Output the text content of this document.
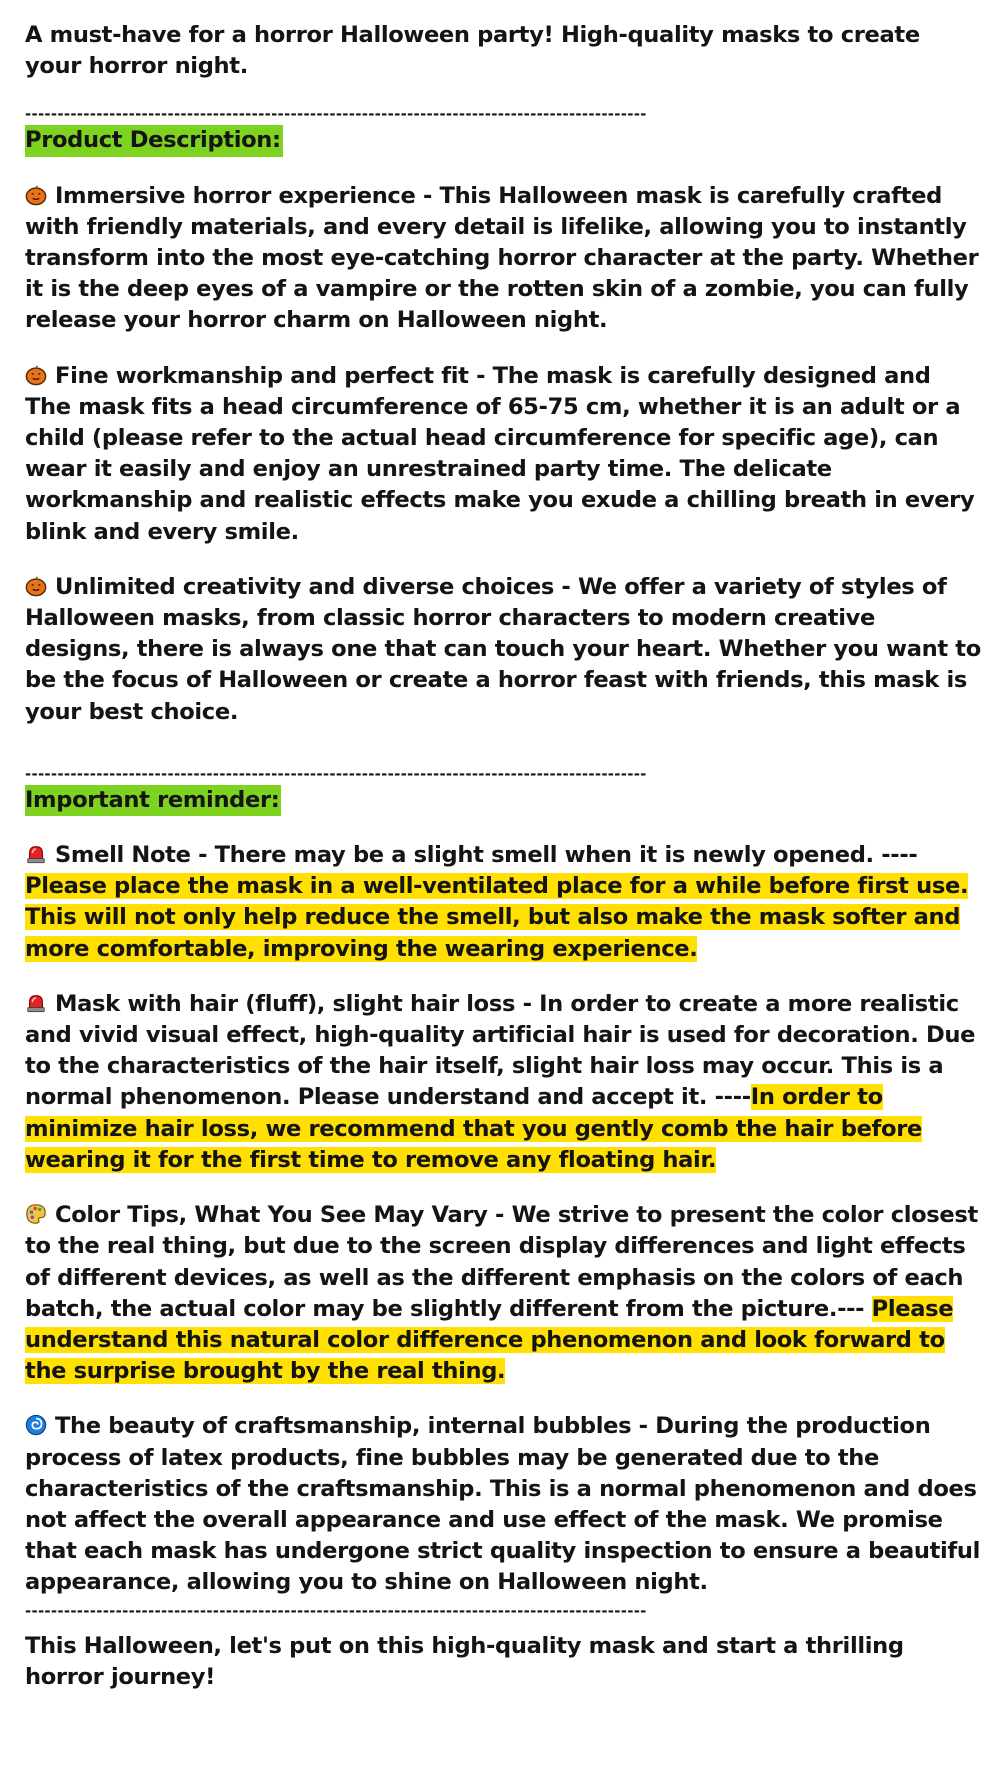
A must-have for a horror Halloween party! High-quality masks to create your horror night.

------------------------------------------------------------------------------------------------
Product Description:

Immersive horror experience - This Halloween mask is carefully crafted with friendly materials, and every detail is lifelike, allowing you to instantly transform into the most eye-catching horror character at the party. Whether it is the deep eyes of a vampire or the rotten skin of a zombie, you can fully release your horror charm on Halloween night.

Fine workmanship and perfect fit - The mask is carefully designed and The mask fits a head circumference of 65-75 cm, whether it is an adult or a child (please refer to the actual head circumference for specific age), can wear it easily and enjoy an unrestrained party time. The delicate workmanship and realistic effects make you exude a chilling breath in every blink and every smile.

Unlimited creativity and diverse choices - We offer a variety of styles of Halloween masks, from classic horror characters to modern creative designs, there is always one that can touch your heart. Whether you want to be the focus of Halloween or create a horror feast with friends, this mask is your best choice.

------------------------------------------------------------------------------------------------
Important reminder:

Smell Note - There may be a slight smell when it is newly opened. ----Please place the mask in a well-ventilated place for a while before first use. This will not only help reduce the smell, but also make the mask softer and more comfortable, improving the wearing experience.

Mask with hair (fluff), slight hair loss - In order to create a more realistic and vivid visual effect, high-quality artificial hair is used for decoration. Due to the characteristics of the hair itself, slight hair loss may occur. This is a normal phenomenon. Please understand and accept it. ----In order to minimize hair loss, we recommend that you gently comb the hair before wearing it for the first time to remove any floating hair.

Color Tips, What You See May Vary - We strive to present the color closest to the real thing, but due to the screen display differences and light effects of different devices, as well as the different emphasis on the colors of each batch, the actual color may be slightly different from the picture.--- Please understand this natural color difference phenomenon and look forward to the surprise brought by the real thing.

The beauty of craftsmanship, internal bubbles - During the production process of latex products, fine bubbles may be generated due to the characteristics of the craftsmanship. This is a normal phenomenon and does not affect the overall appearance and use effect of the mask. We promise that each mask has undergone strict quality inspection to ensure a beautiful appearance, allowing you to shine on Halloween night.

------------------------------------------------------------------------------------------------

This Halloween, let's put on this high-quality mask and start a thrilling horror journey!
